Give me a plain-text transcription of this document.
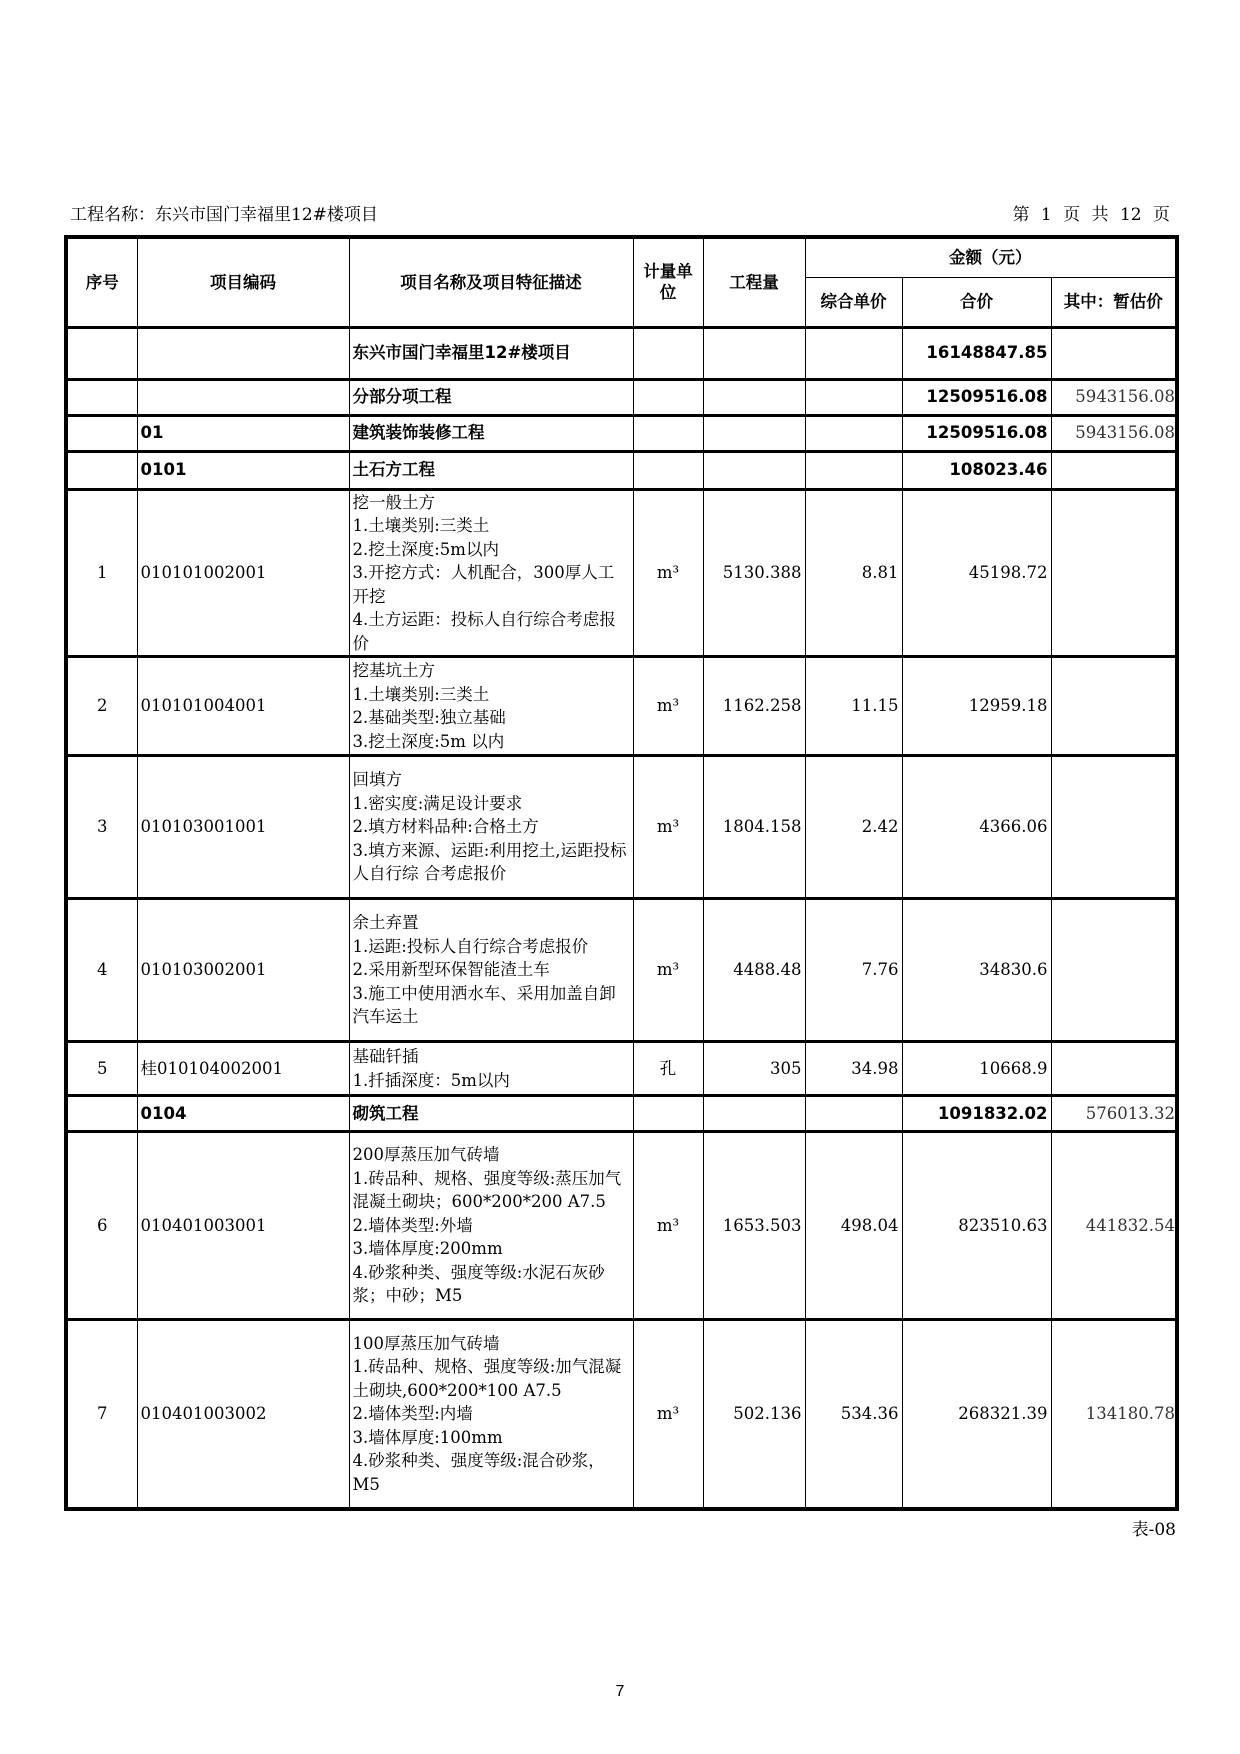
工程名称：东兴市国门幸福里12#楼项目	第 1 页 共 12 页
序号	项目编码	项目名称及项目特征描述	计量单位	工程量	金额（元）		
					综合单价	合价	其中：暂估价
		东兴市国门幸福里12#楼项目				16148847.85	
		分部分项工程				12509516.08	5943156.08
	01	建筑装饰装修工程				12509516.08	5943156.08
	0101	土石方工程				108023.46	
1	010101002001	挖一般土方
1.土壤类别:三类土
2.挖土深度:5m以内
3.开挖方式：人机配合，300厚人工开挖
4.土方运距：投标人自行综合考虑报价	m³	5130.388	8.81	45198.72	
2	010101004001	挖基坑土方
1.土壤类别:三类土
2.基础类型:独立基础
3.挖土深度:5m 以内	m³	1162.258	11.15	12959.18	
3	010103001001	回填方
1.密实度:满足设计要求
2.填方材料品种:合格土方
3.填方来源、运距:利用挖土,运距投标人自行综 合考虑报价	m³	1804.158	2.42	4366.06	
4	010103002001	余土弃置
1.运距:投标人自行综合考虑报价
2.采用新型环保智能渣土车
3.施工中使用洒水车、采用加盖自卸汽车运土	m³	4488.48	7.76	34830.6	
5	桂010104002001	基础钎插
1.扦插深度：5m以内	孔	305	34.98	10668.9	
	0104	砌筑工程				1091832.02	576013.32
6	010401003001	200厚蒸压加气砖墙
1.砖品种、规格、强度等级:蒸压加气混凝土砌块；600*200*200 A7.5
2.墙体类型:外墙
3.墙体厚度:200mm
4.砂浆种类、强度等级:水泥石灰砂浆；中砂；M5	m³	1653.503	498.04	823510.63	441832.54
7	010401003002	100厚蒸压加气砖墙
1.砖品种、规格、强度等级:加气混凝土砌块,600*200*100 A7.5
2.墙体类型:内墙
3.墙体厚度:100mm
4.砂浆种类、强度等级:混合砂浆，M5	m³	502.136	534.36	268321.39	134180.78
表-08
7
